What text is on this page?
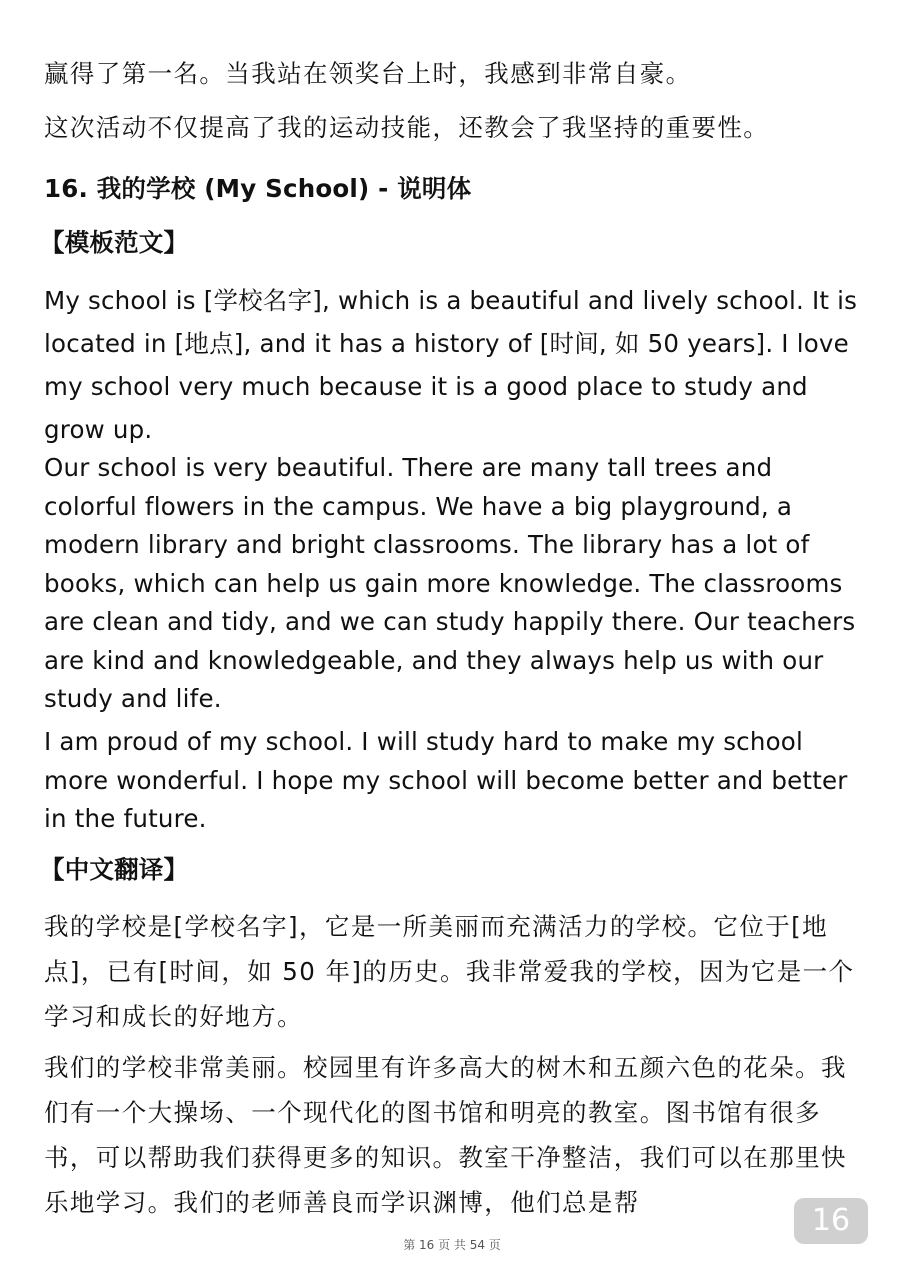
赢得了第一名。当我站在领奖台上时，我感到非常自豪。

这次活动不仅提高了我的运动技能，还教会了我坚持的重要性。

16. 我的学校 (My School) - 说明体

【模板范文】

My school is [学校名字], which is a beautiful and lively school. It is located in [地点], and it has a history of [时间, 如 50 years]. I love my school very much because it is a good place to study and grow up.

Our school is very beautiful. There are many tall trees and colorful flowers in the campus. We have a big playground, a modern library and bright classrooms. The library has a lot of books, which can help us gain more knowledge. The classrooms are clean and tidy, and we can study happily there. Our teachers are kind and knowledgeable, and they always help us with our study and life.

I am proud of my school. I will study hard to make my school more wonderful. I hope my school will become better and better in the future.

【中文翻译】

我的学校是[学校名字]，它是一所美丽而充满活力的学校。它位于[地点]，已有[时间，如 50 年]的历史。我非常爱我的学校，因为它是一个学习和成长的好地方。

我们的学校非常美丽。校园里有许多高大的树木和五颜六色的花朵。我们有一个大操场、一个现代化的图书馆和明亮的教室。图书馆有很多书，可以帮助我们获得更多的知识。教室干净整洁，我们可以在那里快乐地学习。我们的老师善良而学识渊博，他们总是帮

16
第 16 页 共 54 页
